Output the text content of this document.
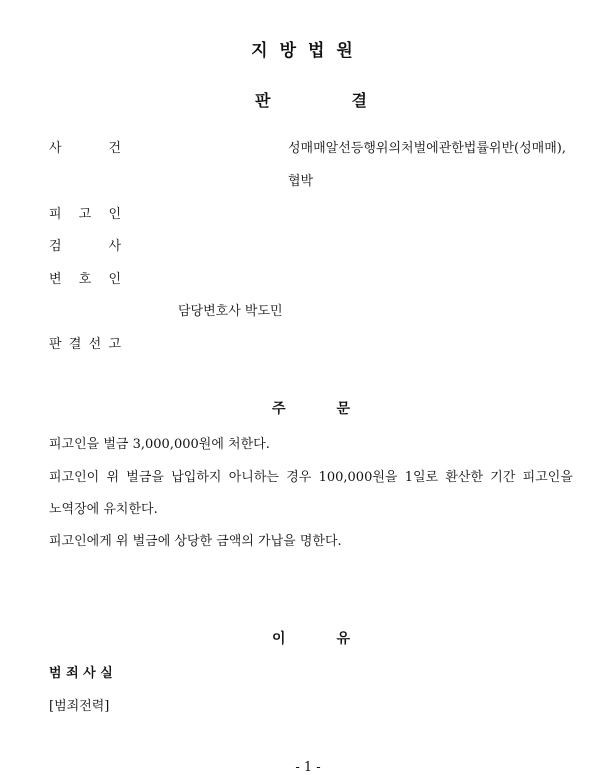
지방법원
판	결
사	건	성매매알선등행위의처벌에관한법률위반(성매매),
협박
피 고 인
검	사
변 호 인
담당변호사 박도민
판 결 선 고
주	문
피고인을 벌금 3,000,000원에 처한다.
피고인이 위 벌금을 납입하지 아니하는 경우 100,000원을 1일로 환산한 기간 피고인을
노역장에 유치한다.
피고인에게 위 벌금에 상당한 금액의 가납을 명한다.
이	유
범 죄 사 실
[범죄전력]
- 1 -
